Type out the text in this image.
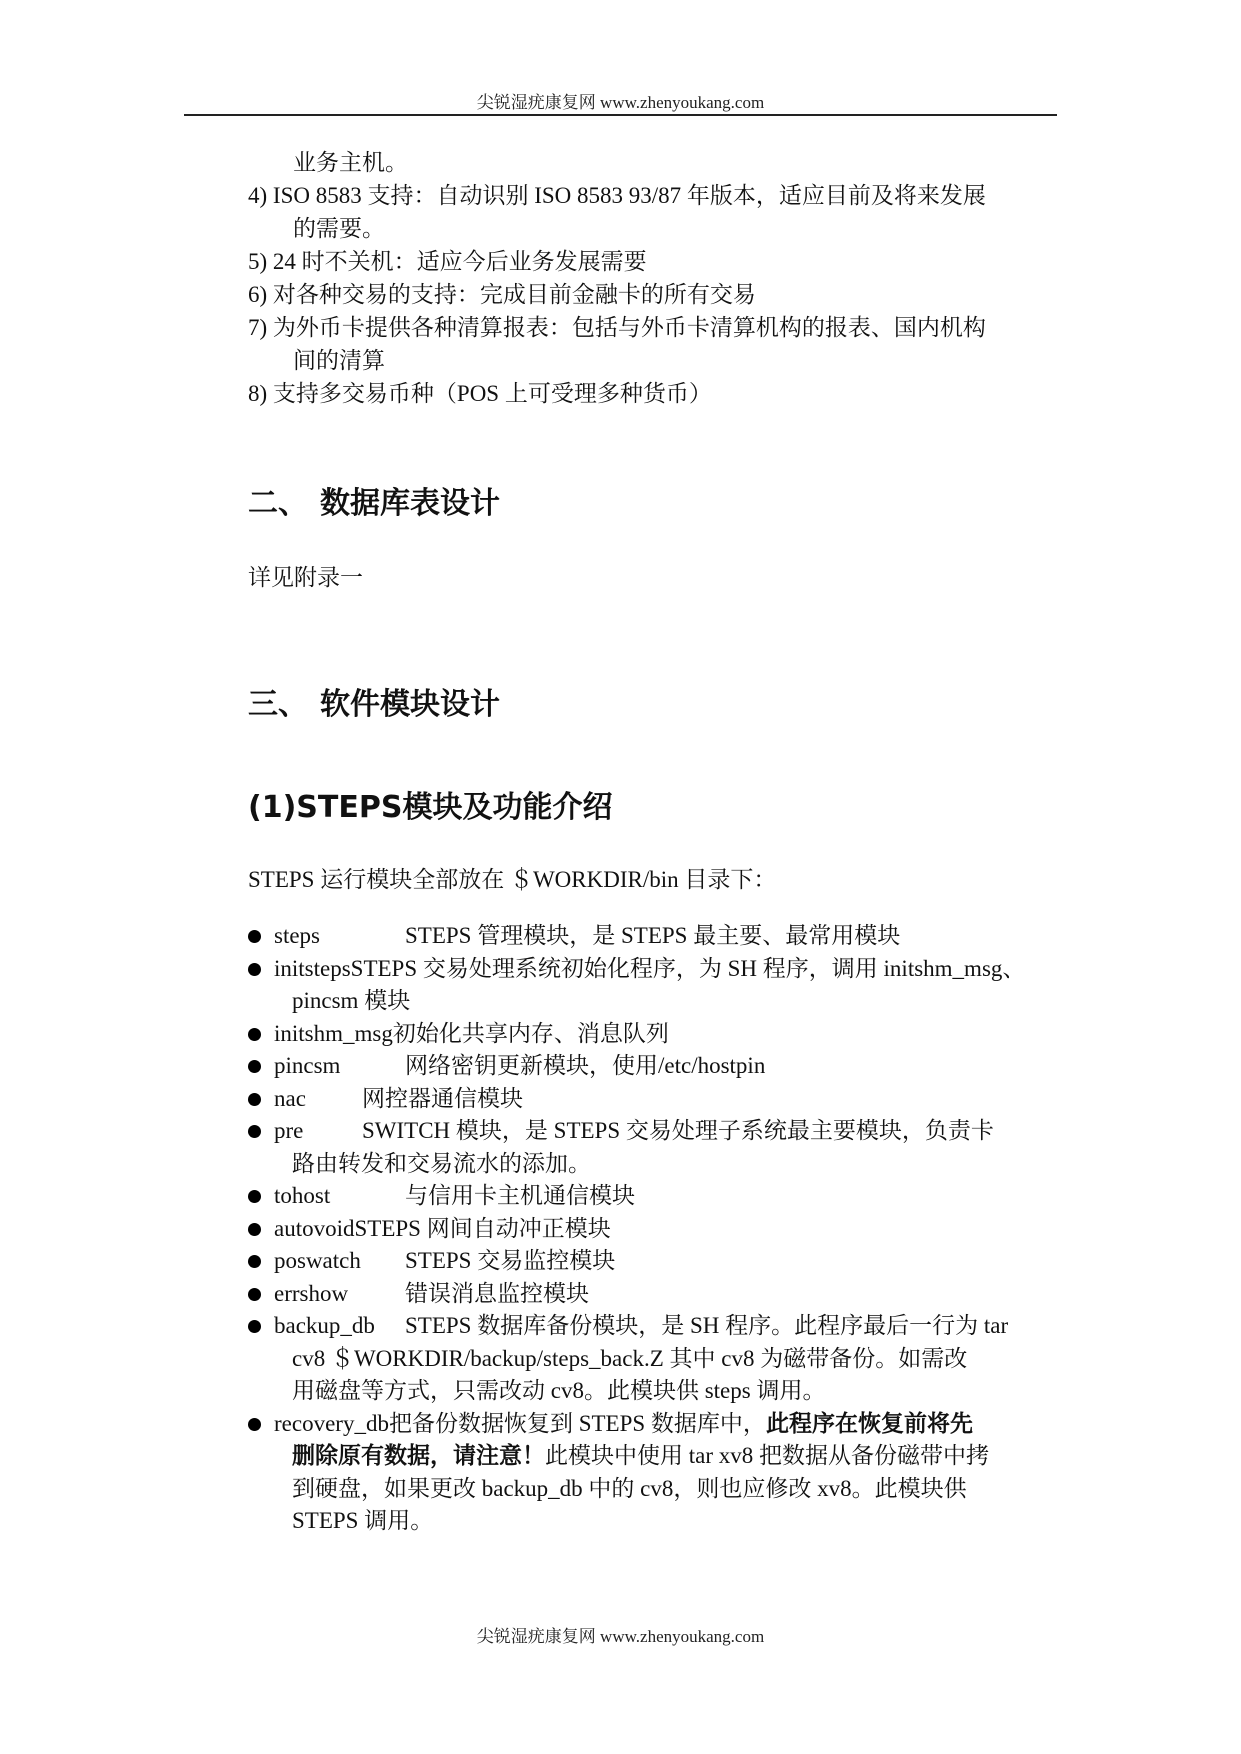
尖锐湿疣康复网 www.zhenyoukang.com

业务主机。

4) ISO 8583 支持：自动识别 ISO 8583 93/87 年版本，适应目前及将来发展

的需要。

5) 24 时不关机：适应今后业务发展需要

6) 对各种交易的支持：完成目前金融卡的所有交易

7) 为外币卡提供各种清算报表：包括与外币卡清算机构的报表、国内机构

间的清算

8) 支持多交易币种（POS 上可受理多种货币）

二、 数据库表设计

详见附录一

三、 软件模块设计
(1)STEPS模块及功能介绍

STEPS 运行模块全部放在 ＄WORKDIR/bin 目录下：

steps	STEPS 管理模块，是 STEPS 最主要、最常用模块
initstepsSTEPS 交易处理系统初始化程序，为 SH 程序，调用 initshm_msg、
pincsm 模块
initshm_msg初始化共享内存、消息队列
pincsm	网络密钥更新模块，使用/etc/hostpin
nac 网控器通信模块
pre	SWITCH 模块，是 STEPS 交易处理子系统最主要模块，负责卡
路由转发和交易流水的添加。
tohost	与信用卡主机通信模块
autovoidSTEPS 网间自动冲正模块
poswatch STEPS 交易监控模块
errshow 错误消息监控模块
backup_db STEPS 数据库备份模块，是 SH 程序。此程序最后一行为 tar
cv8 ＄WORKDIR/backup/steps_back.Z 其中 cv8 为磁带备份。如需改
用磁盘等方式，只需改动 cv8。此模块供 steps 调用。
recovery_db把备份数据恢复到 STEPS 数据库中，此程序在恢复前将先
删除原有数据，请注意！此模块中使用 tar xv8 把数据从备份磁带中拷
到硬盘，如果更改 backup_db 中的 cv8，则也应修改 xv8。此模块供
STEPS 调用。
尖锐湿疣康复网 www.zhenyoukang.com
